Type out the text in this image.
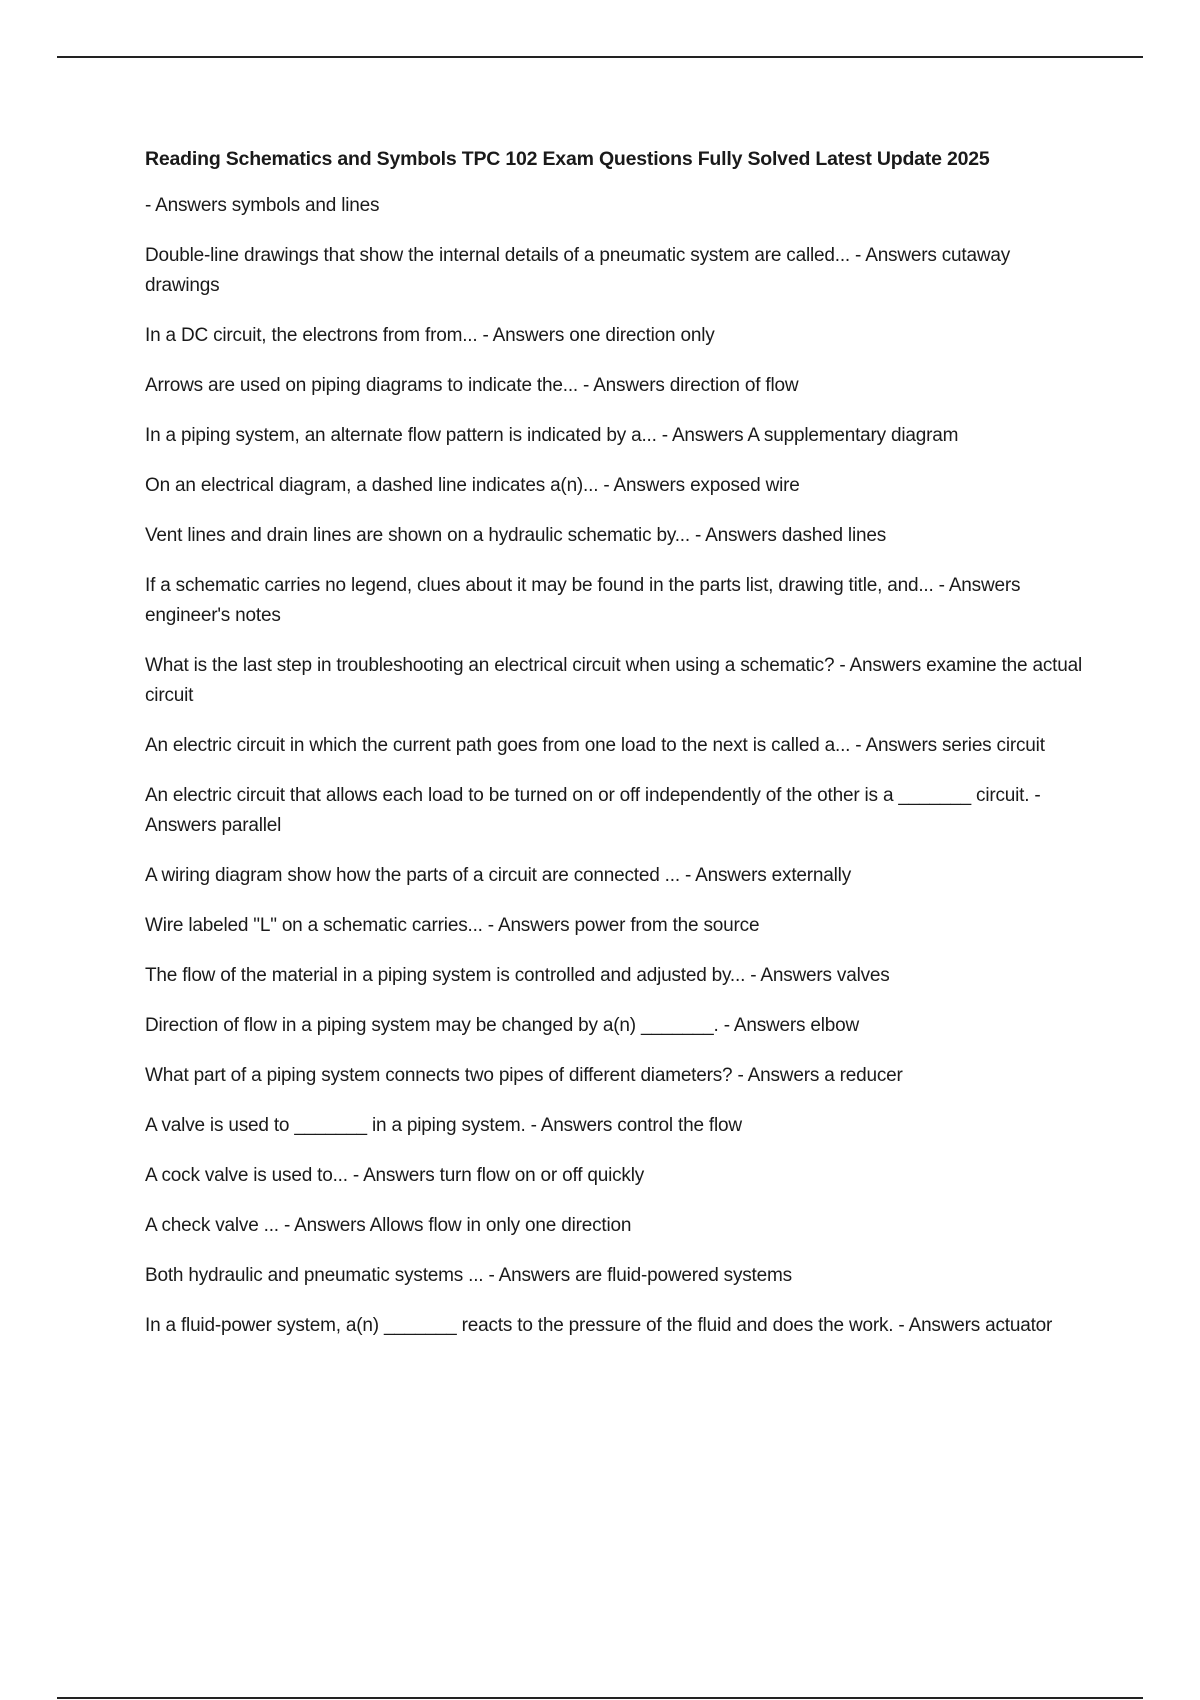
Reading Schematics and Symbols TPC 102 Exam Questions Fully Solved Latest Update 2025

- Answers symbols and lines

Double-line drawings that show the internal details of a pneumatic system are called... - Answers cutaway drawings

In a DC circuit, the electrons from from... - Answers one direction only

Arrows are used on piping diagrams to indicate the... - Answers direction of flow

In a piping system, an alternate flow pattern is indicated by a... - Answers A supplementary diagram

On an electrical diagram, a dashed line indicates a(n)... - Answers exposed wire

Vent lines and drain lines are shown on a hydraulic schematic by... - Answers dashed lines

If a schematic carries no legend, clues about it may be found in the parts list, drawing title, and... - Answers engineer's notes

What is the last step in troubleshooting an electrical circuit when using a schematic? - Answers examine the actual circuit

An electric circuit in which the current path goes from one load to the next is called a... - Answers series circuit

An electric circuit that allows each load to be turned on or off independently of the other is a _______ circuit. - Answers parallel

A wiring diagram show how the parts of a circuit are connected ... - Answers externally

Wire labeled "L" on a schematic carries... - Answers power from the source

The flow of the material in a piping system is controlled and adjusted by... - Answers valves

Direction of flow in a piping system may be changed by a(n) _______. - Answers elbow

What part of a piping system connects two pipes of different diameters? - Answers a reducer

A valve is used to _______ in a piping system. - Answers control the flow

A cock valve is used to... - Answers turn flow on or off quickly

A check valve ... - Answers Allows flow in only one direction

Both hydraulic and pneumatic systems ... - Answers are fluid-powered systems

In a fluid-power system, a(n) _______ reacts to the pressure of the fluid and does the work. - Answers actuator
